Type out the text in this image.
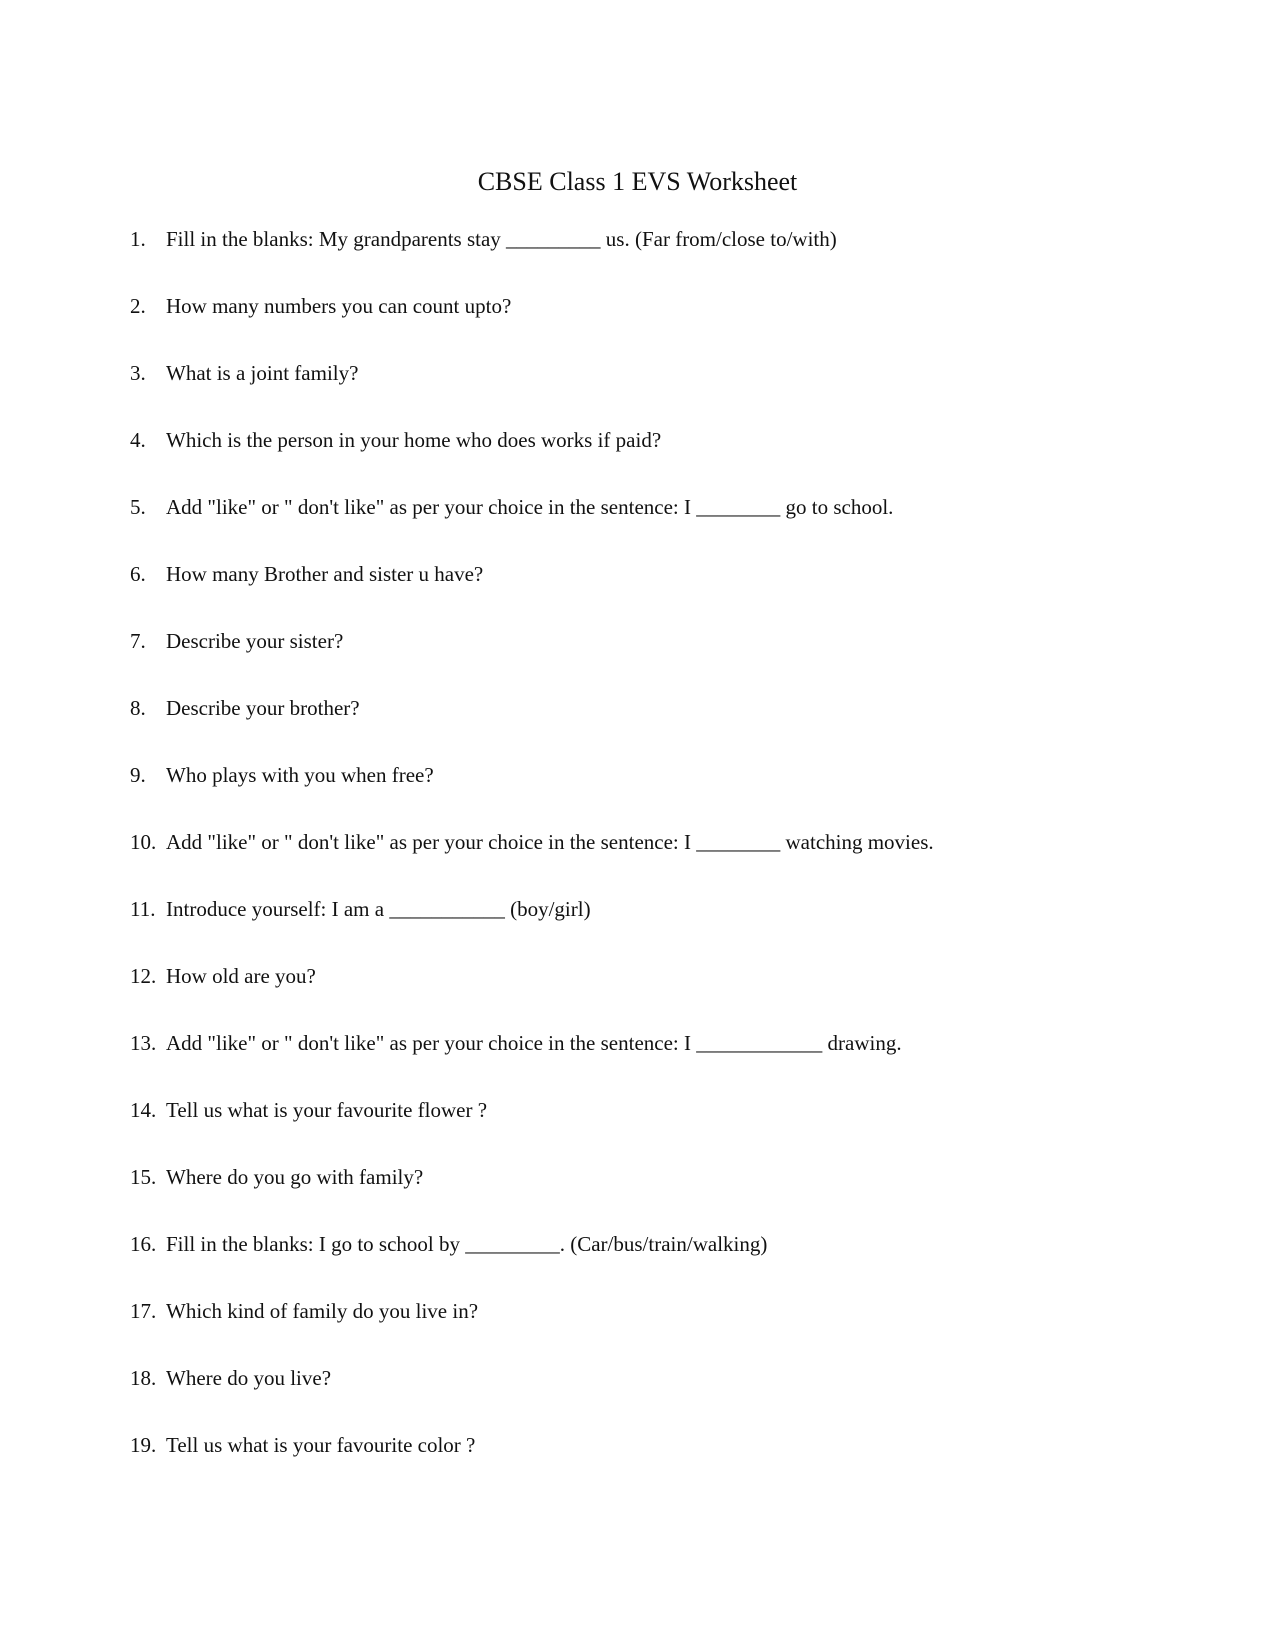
CBSE Class 1 EVS Worksheet
1. Fill in the blanks: My grandparents stay _________ us. (Far from/close to/with)
2. How many numbers you can count upto?
3. What is a joint family?
4. Which is the person in your home who does works if paid?
5. Add "like" or " don't like" as per your choice in the sentence: I ________ go to school.
6. How many Brother and sister u have?
7. Describe your sister?
8. Describe your brother?
9. Who plays with you when free?
10. Add "like" or " don't like" as per your choice in the sentence: I ________ watching movies.
11. Introduce yourself: I am a ___________ (boy/girl)
12. How old are you?
13. Add "like" or " don't like" as per your choice in the sentence: I ____________ drawing.
14. Tell us what is your favourite flower ?
15. Where do you go with family?
16. Fill in the blanks: I go to school by _________. (Car/bus/train/walking)
17. Which kind of family do you live in?
18. Where do you live?
19. Tell us what is your favourite color ?
